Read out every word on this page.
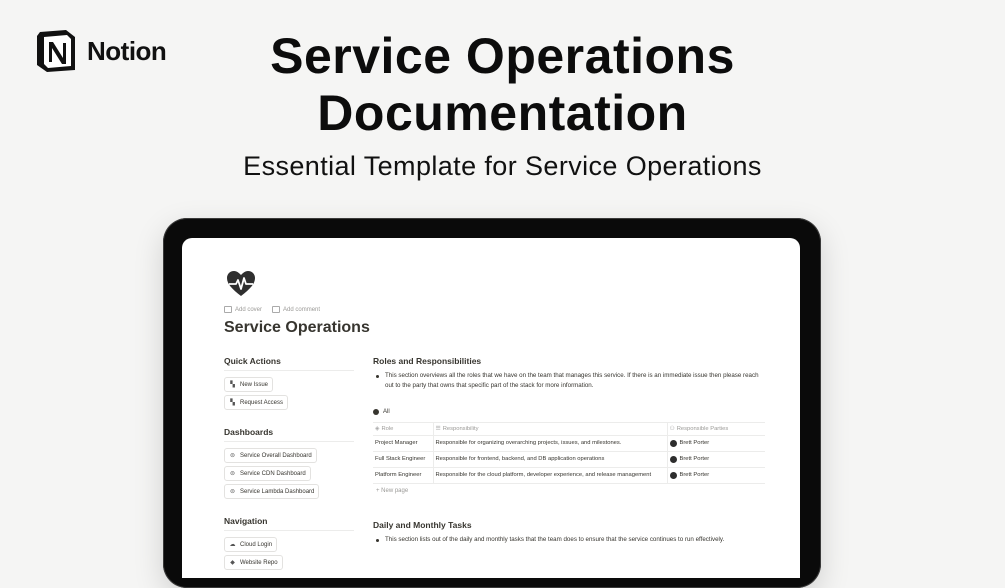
Notion	Service Operations
Documentation
Essential Template for Service Operations
Add cover	Add comment
Service Operations
Quick Actions
▚ New Issue
▚ Request Access
Dashboards
⊜ Service Overall Dashboard
⊜ Service CDN Dashboard
⊜ Service Lambda Dashboard
Navigation
☁ Cloud Login
◆ Website Repo
Roles and Responsibilities
This section overviews all the roles that we have on the team that manages this service. If there is an immediate issue then please reach out to the party that owns that specific part of the stack for more information.
All
◈ Role	☰ Responsibility	⚇ Responsible Parties
Project Manager	Responsible for organizing overarching projects, issues, and milestones.	Brett Porter

Full Stack Engineer	Responsible for frontend, backend, and DB application operations	Brett Porter

Platform Engineer	Responsible for the cloud platform, developer experience, and release management	Brett Porter
+ New page
Daily and Monthly Tasks
This section lists out of the daily and monthly tasks that the team does to ensure that the service continues to run effectively.
